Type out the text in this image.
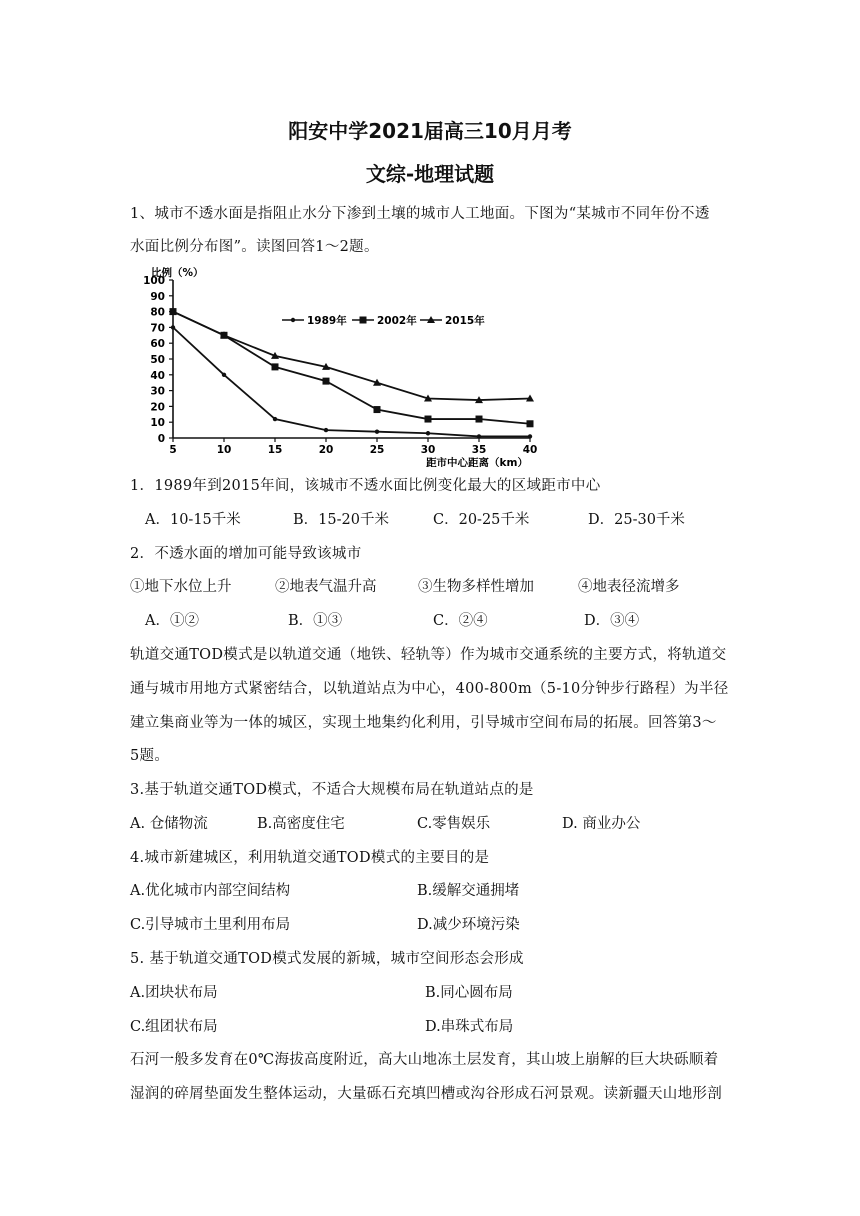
阳安中学2021届高三10月月考
文综-地理试题
1、城市不透水面是指阻止水分下渗到土壤的城市人工地面。下图为“某城市不同年份不透
水面比例分布图”。读图回答1～2题。
0
10
20
30
40
50
60
70
80
90
100
5	10	15	20	25	30	35	40
比例（%）
距市中心距离（km）
1989年	2002年	2015年
1．1989年到2015年间，该城市不透水面比例变化最大的区域距市中心
A．10-15千米	B．15-20千米	C．20-25千米	D．25-30千米
2．不透水面的增加可能导致该城市
①地下水位上升	②地表气温升高	③生物多样性增加	④地表径流增多
A．①②	B．①③	C．②④	D．③④
轨道交通TOD模式是以轨道交通（地铁、轻轨等）作为城市交通系统的主要方式，将轨道交
通与城市用地方式紧密结合，以轨道站点为中心，400-800m（5-10分钟步行路程）为半径
建立集商业等为一体的城区，实现土地集约化利用，引导城市空间布局的拓展。回答第3～
5题。
3.基于轨道交通TOD模式，不适合大规模布局在轨道站点的是
A. 仓储物流	B.高密度住宅	C.零售娱乐	D. 商业办公
4.城市新建城区，利用轨道交通TOD模式的主要目的是
A.优化城市内部空间结构	B.缓解交通拥堵
C.引导城市土里利用布局	D.减少环境污染
5. 基于轨道交通TOD模式发展的新城，城市空间形态会形成
A.团块状布局	B.同心圆布局
C.组团状布局	D.串珠式布局
石河一般多发育在0℃海拔高度附近，高大山地冻土层发育，其山坡上崩解的巨大块砾顺着
湿润的碎屑垫面发生整体运动，大量砾石充填凹槽或沟谷形成石河景观。读新疆天山地形剖
